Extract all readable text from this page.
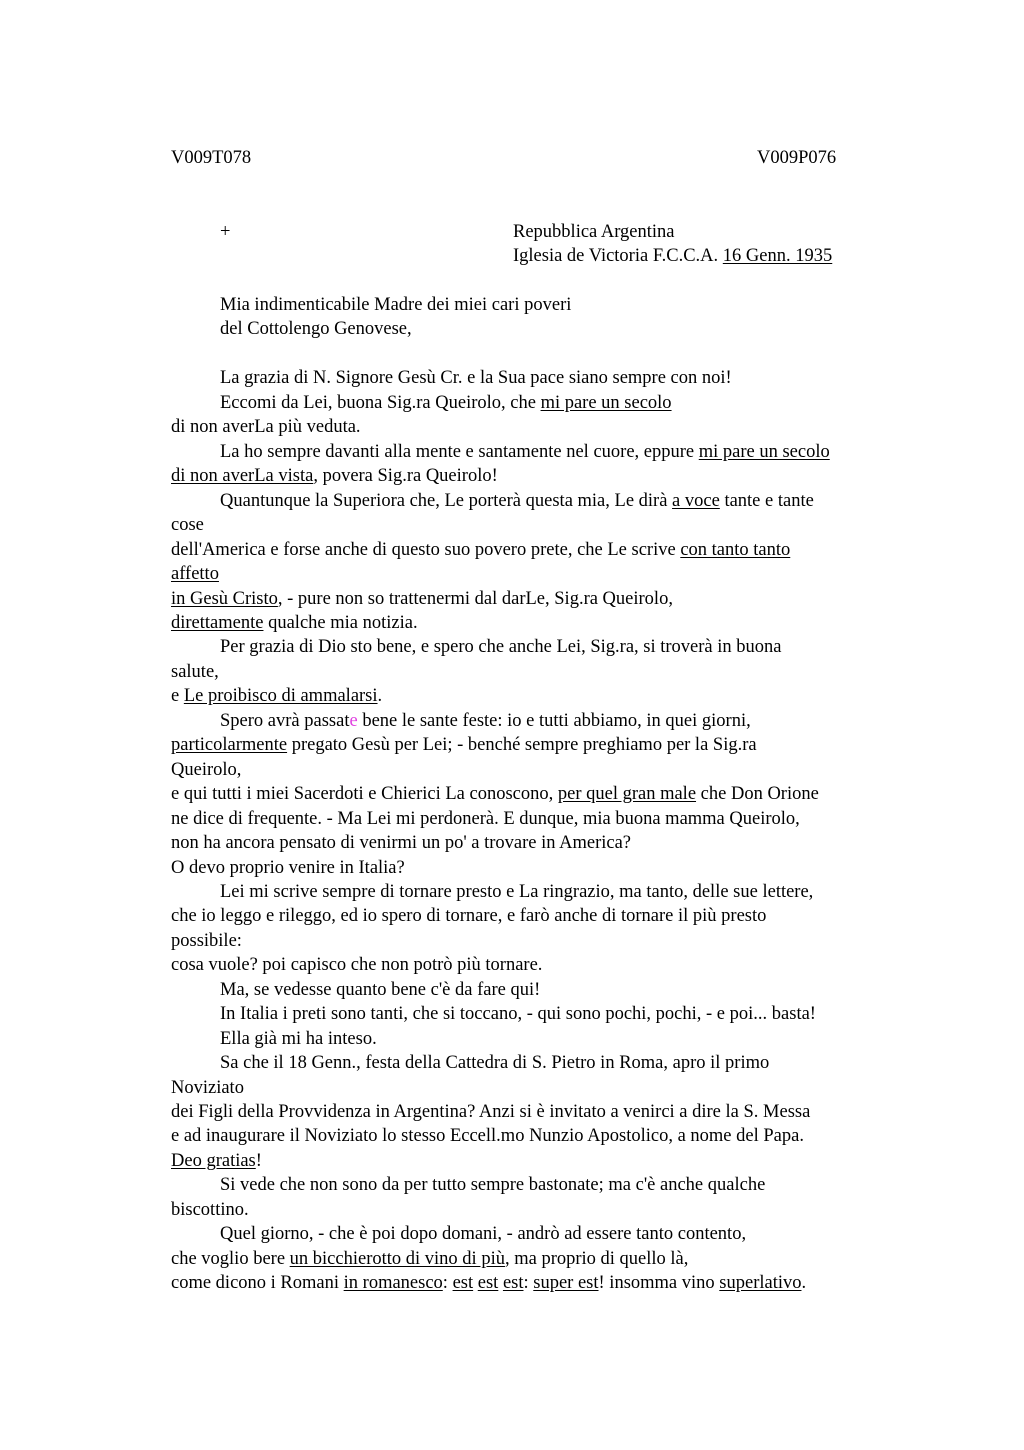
V009T078	V009P076
+	Repubblica Argentina
Iglesia de Victoria F.C.C.A. 16 Genn. 1935
Mia indimenticabile Madre dei miei cari poveri
del Cottolengo Genovese,
La grazia di N. Signore Gesù Cr. e la Sua pace siano sempre con noi!
Eccomi da Lei, buona Sig.ra Queirolo, che mi pare un secolo
di non averLa più veduta.
La ho sempre davanti alla mente e santamente nel cuore, eppure mi pare un secolo
di non averLa vista, povera Sig.ra Queirolo!
Quantunque la Superiora che, Le porterà questa mia, Le dirà a voce tante e tante
cose
dell'America e forse anche di questo suo povero prete, che Le scrive con tanto tanto
affetto
in Gesù Cristo, - pure non so trattenermi dal darLe, Sig.ra Queirolo,
direttamente qualche mia notizia.
Per grazia di Dio sto bene, e spero che anche Lei, Sig.ra, si troverà in buona
salute,
e Le proibisco di ammalarsi.
Spero avrà passate bene le sante feste: io e tutti abbiamo, in quei giorni,
particolarmente pregato Gesù per Lei; - benché sempre preghiamo per la Sig.ra
Queirolo,
e qui tutti i miei Sacerdoti e Chierici La conoscono, per quel gran male che Don Orione
ne dice di frequente. - Ma Lei mi perdonerà. E dunque, mia buona mamma Queirolo,
non ha ancora pensato di venirmi un po' a trovare in America?
O devo proprio venire in Italia?
Lei mi scrive sempre di tornare presto e La ringrazio, ma tanto, delle sue lettere,
che io leggo e rileggo, ed io spero di tornare, e farò anche di tornare il più presto
possibile:
cosa vuole? poi capisco che non potrò più tornare.
Ma, se vedesse quanto bene c'è da fare qui!
In Italia i preti sono tanti, che si toccano, - qui sono pochi, pochi, - e poi... basta!
Ella già mi ha inteso.
Sa che il 18 Genn., festa della Cattedra di S. Pietro in Roma, apro il primo
Noviziato
dei Figli della Provvidenza in Argentina? Anzi si è invitato a venirci a dire la S. Messa
e ad inaugurare il Noviziato lo stesso Eccell.mo Nunzio Apostolico, a nome del Papa.
Deo gratias!
Si vede che non sono da per tutto sempre bastonate; ma c'è anche qualche
biscottino.
Quel giorno, - che è poi dopo domani, - andrò ad essere tanto contento,
che voglio bere un bicchierotto di vino di più, ma proprio di quello là,
come dicono i Romani in romanesco: est est est: super est! insomma vino superlativo.
